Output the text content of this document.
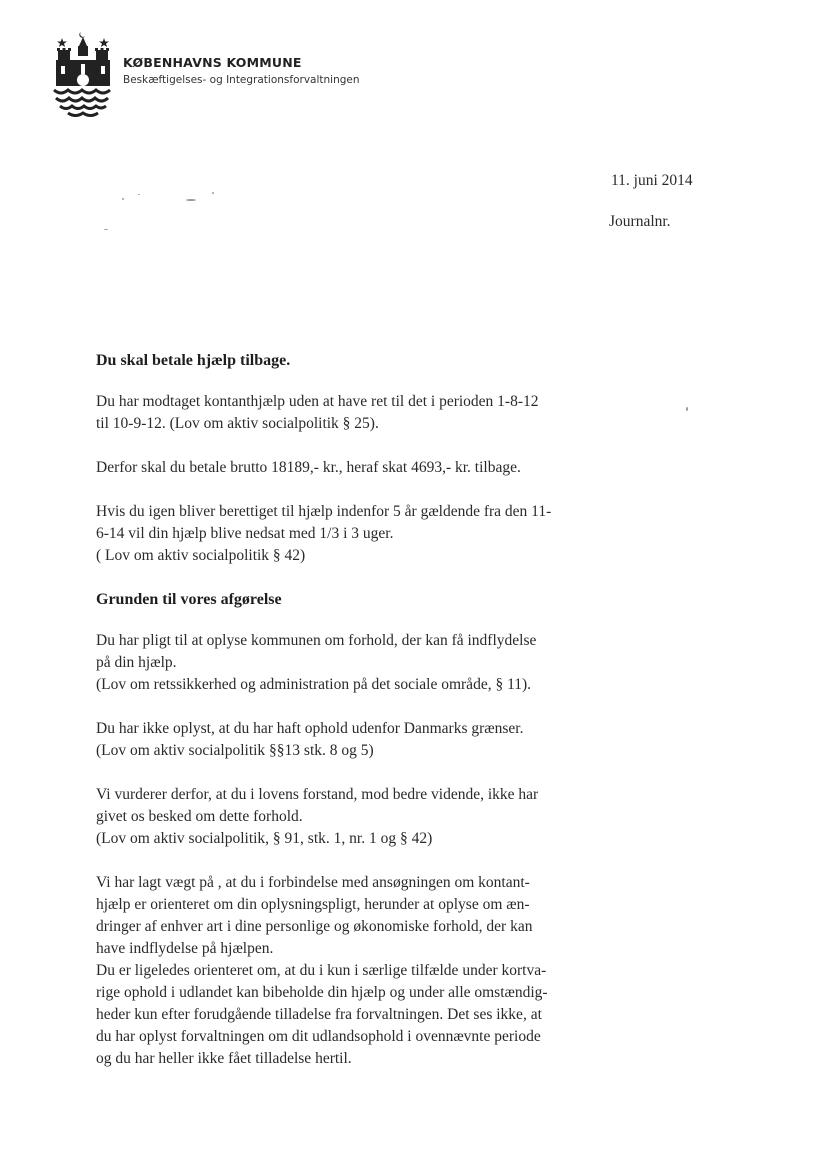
KØBENHAVNS KOMMUNE
Beskæftigelses- og Integrationsforvaltningen
11. juni 2014
Journalnr.
Du skal betale hjælp tilbage.

Du har modtaget kontanthjælp uden at have ret til det i perioden 1-8-12
til 10-9-12. (Lov om aktiv socialpolitik § 25).

Derfor skal du betale brutto 18189,- kr., heraf skat 4693,- kr. tilbage.

Hvis du igen bliver berettiget til hjælp indenfor 5 år gældende fra den 11-
6-14 vil din hjælp blive nedsat med 1/3 i 3 uger.
( Lov om aktiv socialpolitik § 42)

Grunden til vores afgørelse

Du har pligt til at oplyse kommunen om forhold, der kan få indflydelse
på din hjælp.
(Lov om retssikkerhed og administration på det sociale område, § 11).

Du har ikke oplyst, at du har haft ophold udenfor Danmarks grænser.
(Lov om aktiv socialpolitik §§13 stk. 8 og 5)

Vi vurderer derfor, at du i lovens forstand, mod bedre vidende, ikke har
givet os besked om dette forhold.
(Lov om aktiv socialpolitik, § 91, stk. 1, nr. 1 og § 42)

Vi har lagt vægt på , at du i forbindelse med ansøgningen om kontant-
hjælp er orienteret om din oplysningspligt, herunder at oplyse om æn-
dringer af enhver art i dine personlige og økonomiske forhold, der kan
have indflydelse på hjælpen.
Du er ligeledes orienteret om, at du i kun i særlige tilfælde under kortva-
rige ophold i udlandet kan bibeholde din hjælp og under alle omstændig-
heder kun efter forudgående tilladelse fra forvaltningen. Det ses ikke, at
du har oplyst forvaltningen om dit udlandsophold i ovennævnte periode
og du har heller ikke fået tilladelse hertil.
